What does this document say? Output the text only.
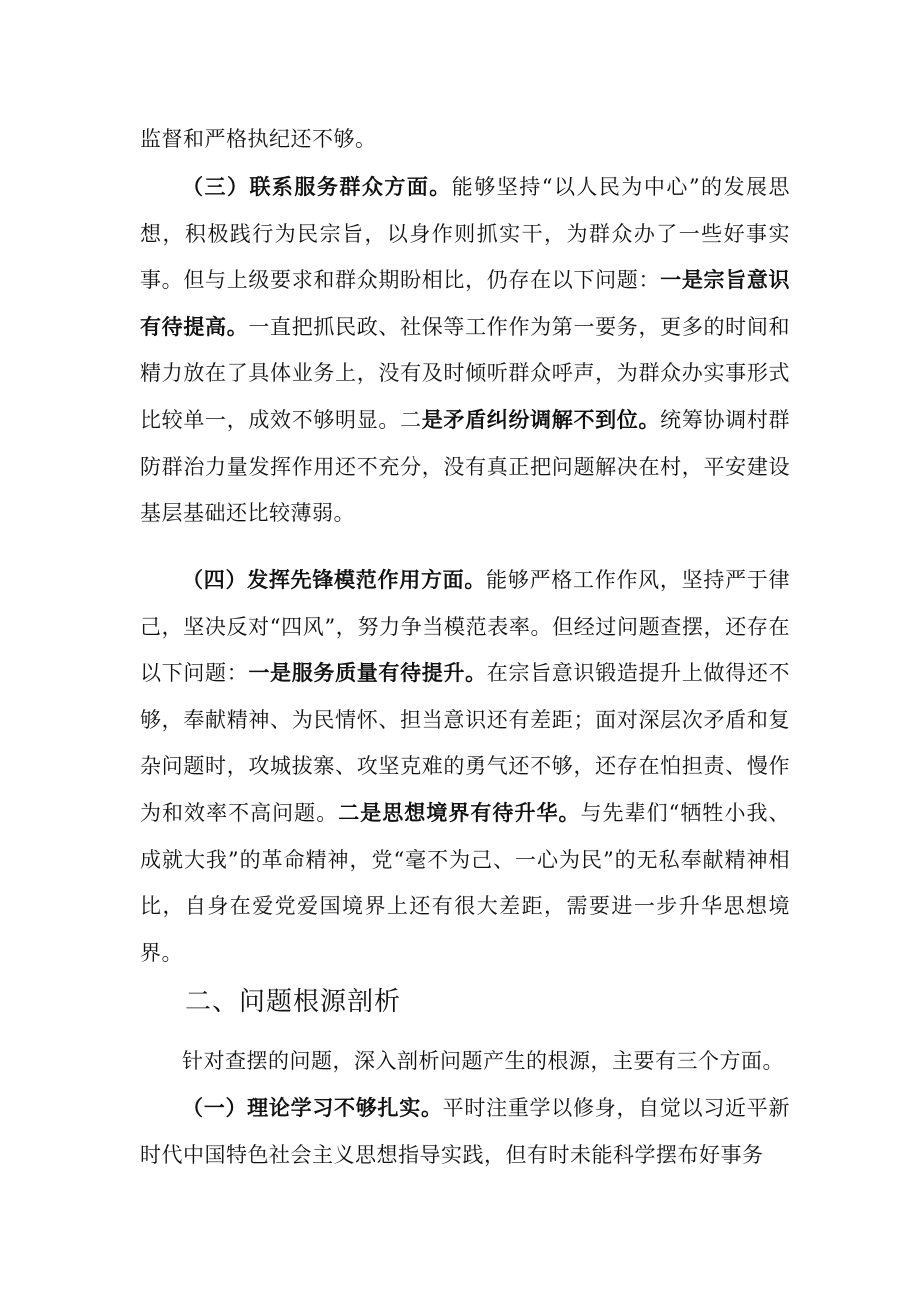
监督和严格执纪还不够。
（三）联系服务群众方面。能够坚持“以人民为中心”的发展思想，积极践行为民宗旨，以身作则抓实干，为群众办了一些好事实事。但与上级要求和群众期盼相比，仍存在以下问题：一是宗旨意识有待提高。一直把抓民政、社保等工作作为第一要务，更多的时间和精力放在了具体业务上，没有及时倾听群众呼声，为群众办实事形式比较单一，成效不够明显。二是矛盾纠纷调解不到位。统筹协调村群防群治力量发挥作用还不充分，没有真正把问题解决在村，平安建设基层基础还比较薄弱。
（四）发挥先锋模范作用方面。能够严格工作作风，坚持严于律己，坚决反对“四风”，努力争当模范表率。但经过问题查摆，还存在以下问题：一是服务质量有待提升。在宗旨意识锻造提升上做得还不够，奉献精神、为民情怀、担当意识还有差距；面对深层次矛盾和复杂问题时，攻城拔寨、攻坚克难的勇气还不够，还存在怕担责、慢作为和效率不高问题。二是思想境界有待升华。与先辈们“牺牲小我、成就大我”的革命精神，党“毫不为己、一心为民”的无私奉献精神相比，自身在爱党爱国境界上还有很大差距，需要进一步升华思想境界。
二、问题根源剖析
针对查摆的问题，深入剖析问题产生的根源，主要有三个方面。
（一）理论学习不够扎实。平时注重学以修身，自觉以习近平新时代中国特色社会主义思想指导实践，但有时未能科学摆布好事务
